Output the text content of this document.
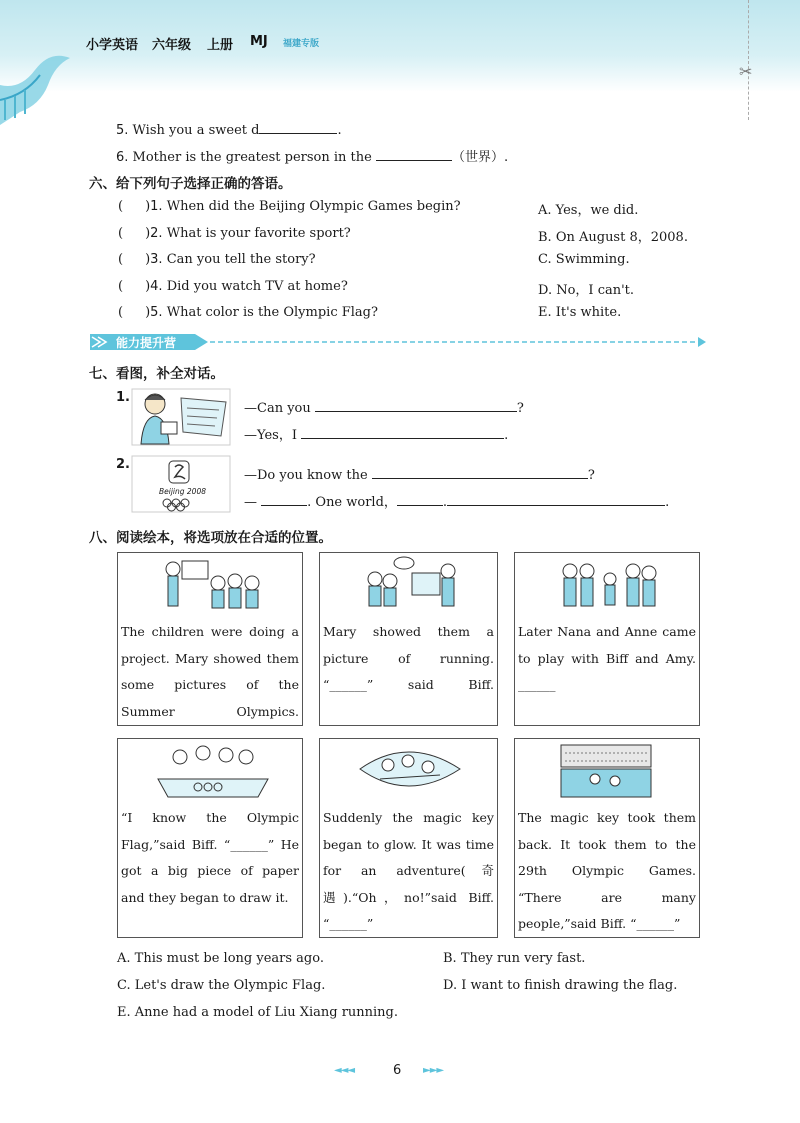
小学英语 六年级 上册 MJ 福建专版
✂
5. Wish you a sweet d	.
6. Mother is the greatest person in the	（世界）.
六、给下列句子选择正确的答语。
( )1. When did the Beijing Olympic Games begin?
( )2. What is your favorite sport?
( )3. Can you tell the story?
( )4. Did you watch TV at home?
( )5. What color is the Olympic Flag?
A. Yes，we did.
B. On August 8，2008.
C. Swimming.
D. No，I can't.
E. It's white.
能力提升营
七、看图，补全对话。
1.
—Can you	?
—Yes，I	.
2.
Beijing 2008
—Do you know the	?
—	. One world，	.	.
八、阅读绘本，将选项放在合适的位置。
The children were doing a project. Mary showed them some pictures of the Summer Olympics.
Mary showed them a picture of running. “______” said Biff.
Later Nana and Anne came to play with Biff and Amy. ______
“I know the Olympic Flag,”said Biff. “______” He got a big piece of paper and they began to draw it.
Suddenly the magic key began to glow. It was time for an adventure(奇遇).“Oh，no!”said Biff. “______”
The magic key took them back. It took them to the 29th Olympic Games. “There are many people,”said Biff. “______”
A. This must be long years ago.	B. They run very fast.
C. Let's draw the Olympic Flag.	D. I want to finish drawing the flag.
E. Anne had a model of Liu Xiang running.
◄◄◄	6 ►►►
